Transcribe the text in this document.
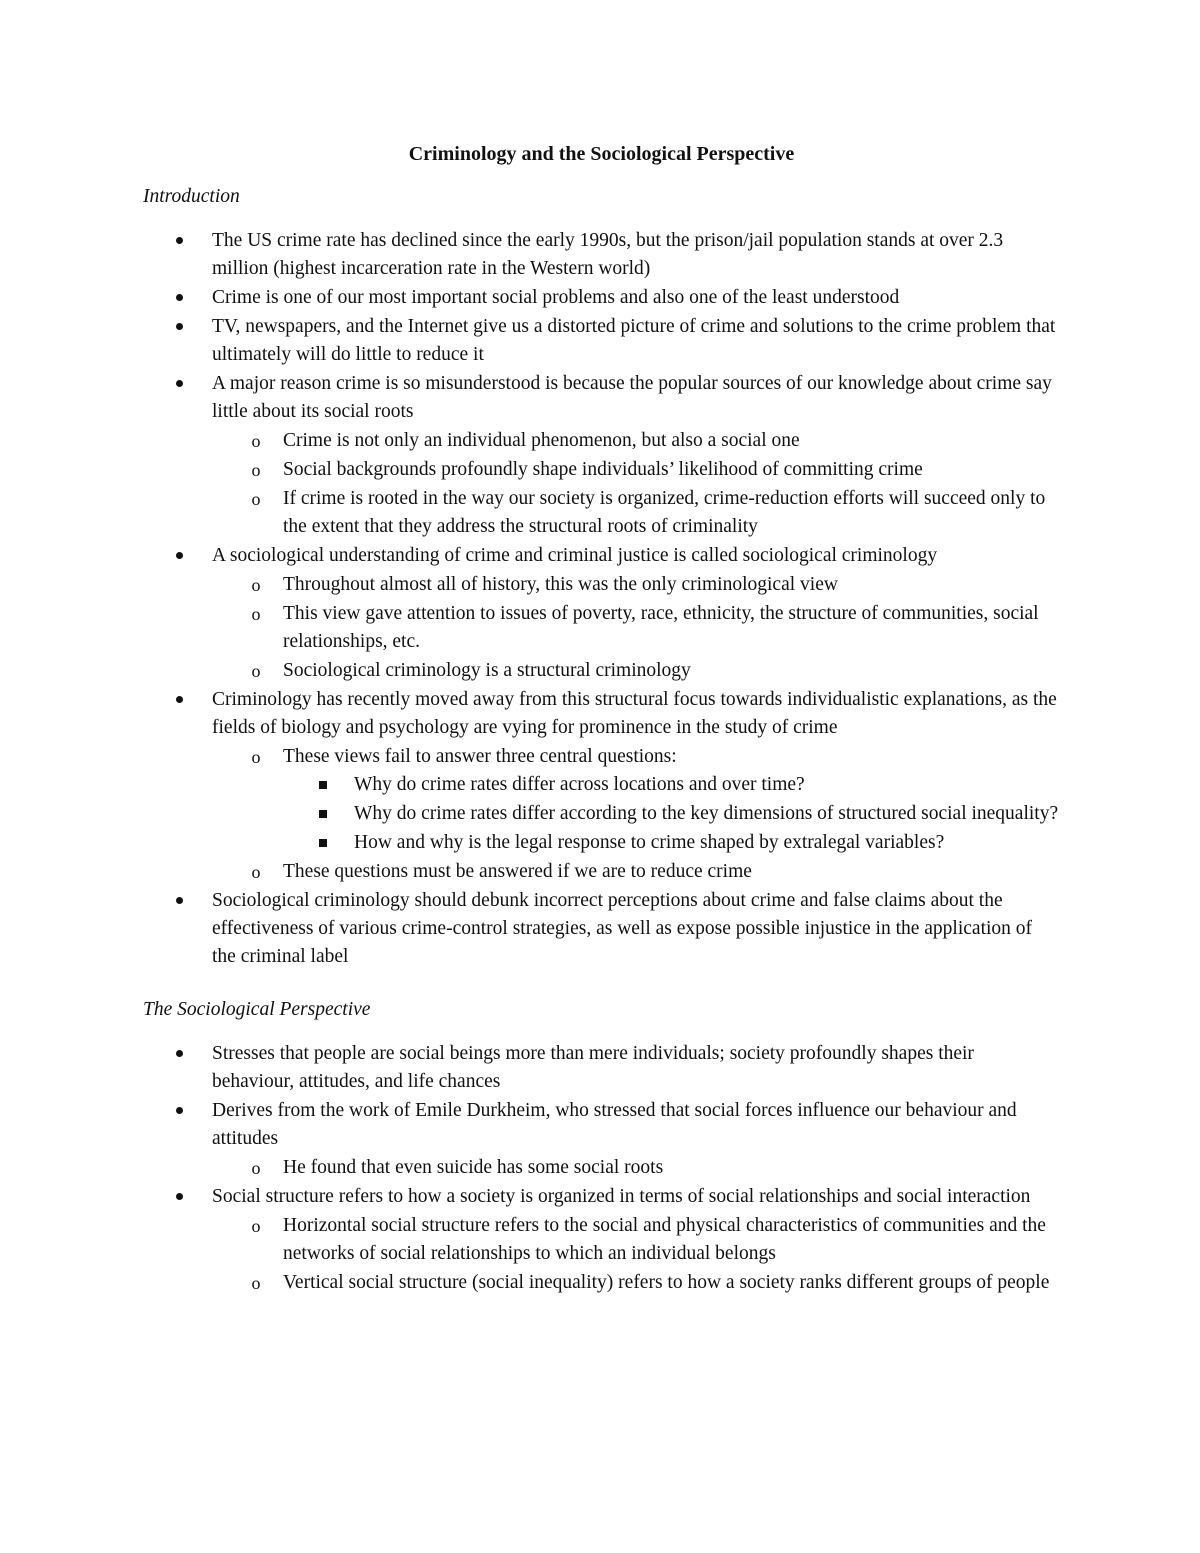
Criminology and the Sociological Perspective
Introduction
The US crime rate has declined since the early 1990s, but the prison/jail population stands at over 2.3 million (highest incarceration rate in the Western world)
Crime is one of our most important social problems and also one of the least understood
TV, newspapers, and the Internet give us a distorted picture of crime and solutions to the crime problem that ultimately will do little to reduce it
A major reason crime is so misunderstood is because the popular sources of our knowledge about crime say little about its social roots
o Crime is not only an individual phenomenon, but also a social one
o Social backgrounds profoundly shape individuals’ likelihood of committing crime
o If crime is rooted in the way our society is organized, crime-reduction efforts will succeed only to the extent that they address the structural roots of criminality
A sociological understanding of crime and criminal justice is called sociological criminology
o Throughout almost all of history, this was the only criminological view
o This view gave attention to issues of poverty, race, ethnicity, the structure of communities, social relationships, etc.
o Sociological criminology is a structural criminology
Criminology has recently moved away from this structural focus towards individualistic explanations, as the fields of biology and psychology are vying for prominence in the study of crime
o These views fail to answer three central questions:
Why do crime rates differ across locations and over time?
Why do crime rates differ according to the key dimensions of structured social inequality?
How and why is the legal response to crime shaped by extralegal variables?
o These questions must be answered if we are to reduce crime
Sociological criminology should debunk incorrect perceptions about crime and false claims about the effectiveness of various crime-control strategies, as well as expose possible injustice in the application of the criminal label
The Sociological Perspective
Stresses that people are social beings more than mere individuals; society profoundly shapes their behaviour, attitudes, and life chances
Derives from the work of Emile Durkheim, who stressed that social forces influence our behaviour and attitudes
o He found that even suicide has some social roots
Social structure refers to how a society is organized in terms of social relationships and social interaction
o Horizontal social structure refers to the social and physical characteristics of communities and the networks of social relationships to which an individual belongs
o Vertical social structure (social inequality) refers to how a society ranks different groups of people
